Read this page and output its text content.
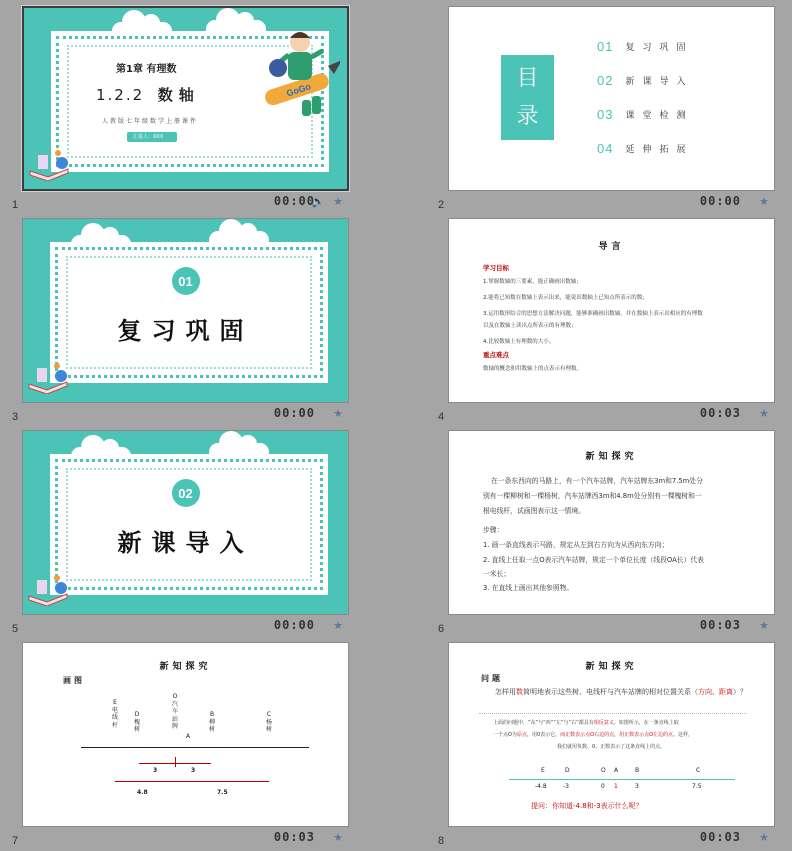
第1章 有理数
1.2.2 数轴
人教版七年级数学上册课件
汇报人：XXX
GoGo
1	00:00
🔈 ★
目
录
01 复习巩固
02 新课导入
03 课堂检测
04 延伸拓展
2	00:00 ★
01
复习巩固
3	00:00 ★
导言
学习目标
1.掌握数轴的三要素，能正确画出数轴；
2.能将已知数在数轴上表示出来，能说出数轴上已知点所表示的数；
3.运用数形结合的思想方法解决问题，能够准确画出数轴，并在数轴上表示出相应的有理数
以及在数轴上读出点所表示的有理数；
4.比较数轴上有理数的大小。
重点难点
数轴的概念和用数轴上的点表示有理数。
4	00:03 ★
02
新课导入
5	00:00 ★
新知探究
在一条东西向的马路上，有一个汽车站牌，汽车站牌东3m和7.5m处分
别有一棵柳树和一棵杨树，汽车站牌西3m和4.8m处分别有一棵槐树和一
根电线杆，试画图表示这一情境。
步骤：
1. 画一条直线表示马路，规定从左到右方向为从西向东方向；
2. 直线上任取一点O表示汽车站牌，规定一个单位长度（线段OA长）代表
一米长；
3. 在直线上画出其他参照物。
6	00:03 ★
新知探究
画图
E
电线杆
D
槐树
O
汽车站牌
A
B
柳树
C
杨树
3	3
4.8	7.5
7	00:03 ★
新知探究
问题
怎样用数简明地表示这些树、电线杆与汽车站牌的相对位置关系（方向、距离）？
上面的问题中，“东”与“西”“左”与“右”都具有相反意义。如图所示，在一条直线上取
一个点O为原点，用0表示它，而正数表示点O右边的点，用正数表示点O左边的点。这样，
我们就用负数、0、正数表示了这条直线上的点。
E	D	O A	B	C
-4.8	-3	0 1	3	7.5
提问：你知道-4.8和-3表示什么呢？
8	00:03 ★
